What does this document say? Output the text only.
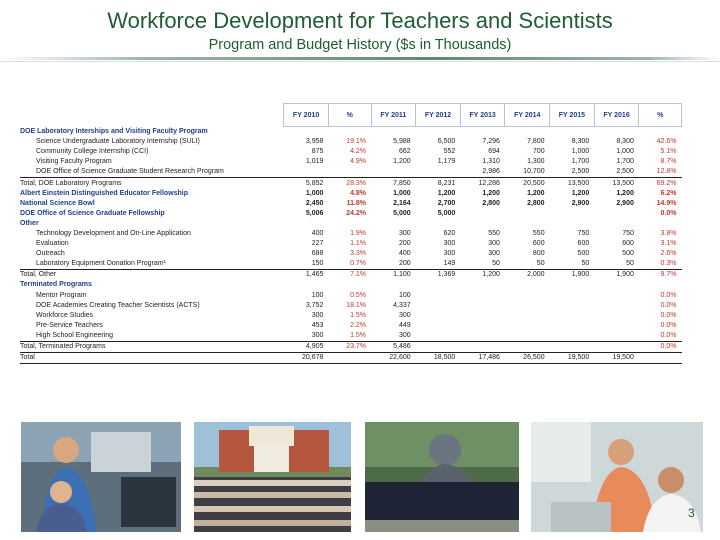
Workforce Development for Teachers and Scientists
Program and Budget History ($s in Thousands)
	FY 2010	%	FY 2011	FY 2012	FY 2013	FY 2014	FY 2015	FY 2016	%
DOE Laboratory Interships and Visiting Faculty Program									
Science Undergraduate Laboratory Internship (SULI)	3,958	19.1%	5,988	6,500	7,296	7,800	8,300	8,300	42.6%
Community College Internship (CCI)	875	4.2%	662	552	694	700	1,000	1,000	5.1%
Visiting Faculty Program	1,019	4.9%	1,200	1,179	1,310	1,300	1,700	1,700	8.7%
DOE Office of Science Graduate Student Research Program					2,986	10,700	2,500	2,500	12.8%
Total, DOE Laboratory Programs	5,852	28.3%	7,850	8,231	12,286	20,500	13,500	13,500	69.2%
Albert Einstein Distinguished Educator Fellowship	1,000	4.8%	1,000	1,200	1,200	1,200	1,200	1,200	6.2%
National Science Bowl	2,450	11.8%	2,164	2,700	2,800	2,800	2,900	2,900	14.9%
DOE Office of Science Graduate Fellowship	5,006	24.2%	5,000	5,000					0.0%
Other									
Technology Development and On-Line Application	400	1.9%	300	620	550	550	750	750	3.8%
Evaluation	227	1.1%	200	300	300	600	600	600	3.1%
Outreach	688	3.3%	400	300	300	800	500	500	2.6%
Laboratory Equipment Donation Program¹	150	0.7%	200	149	50	50	50	50	0.3%
Total, Other	1,465	7.1%	1,100	1,369	1,200	2,000	1,900	1,900	9.7%
Terminated Programs									
Mentor Program	100	0.5%	100						0.0%
DOE Academies Creating Teacher Scientists (ACTS)	3,752	18.1%	4,337						0.0%
Workforce Studies	300	1.5%	300						0.0%
Pre-Service Teachers	453	2.2%	449						0.0%
High School Engineering	300	1.5%	300						0.0%
Total, Terminated Programs	4,905	23.7%	5,486						0.0%
Total	20,678		22,600	18,500	17,486	26,500	19,500	19,500	
3
